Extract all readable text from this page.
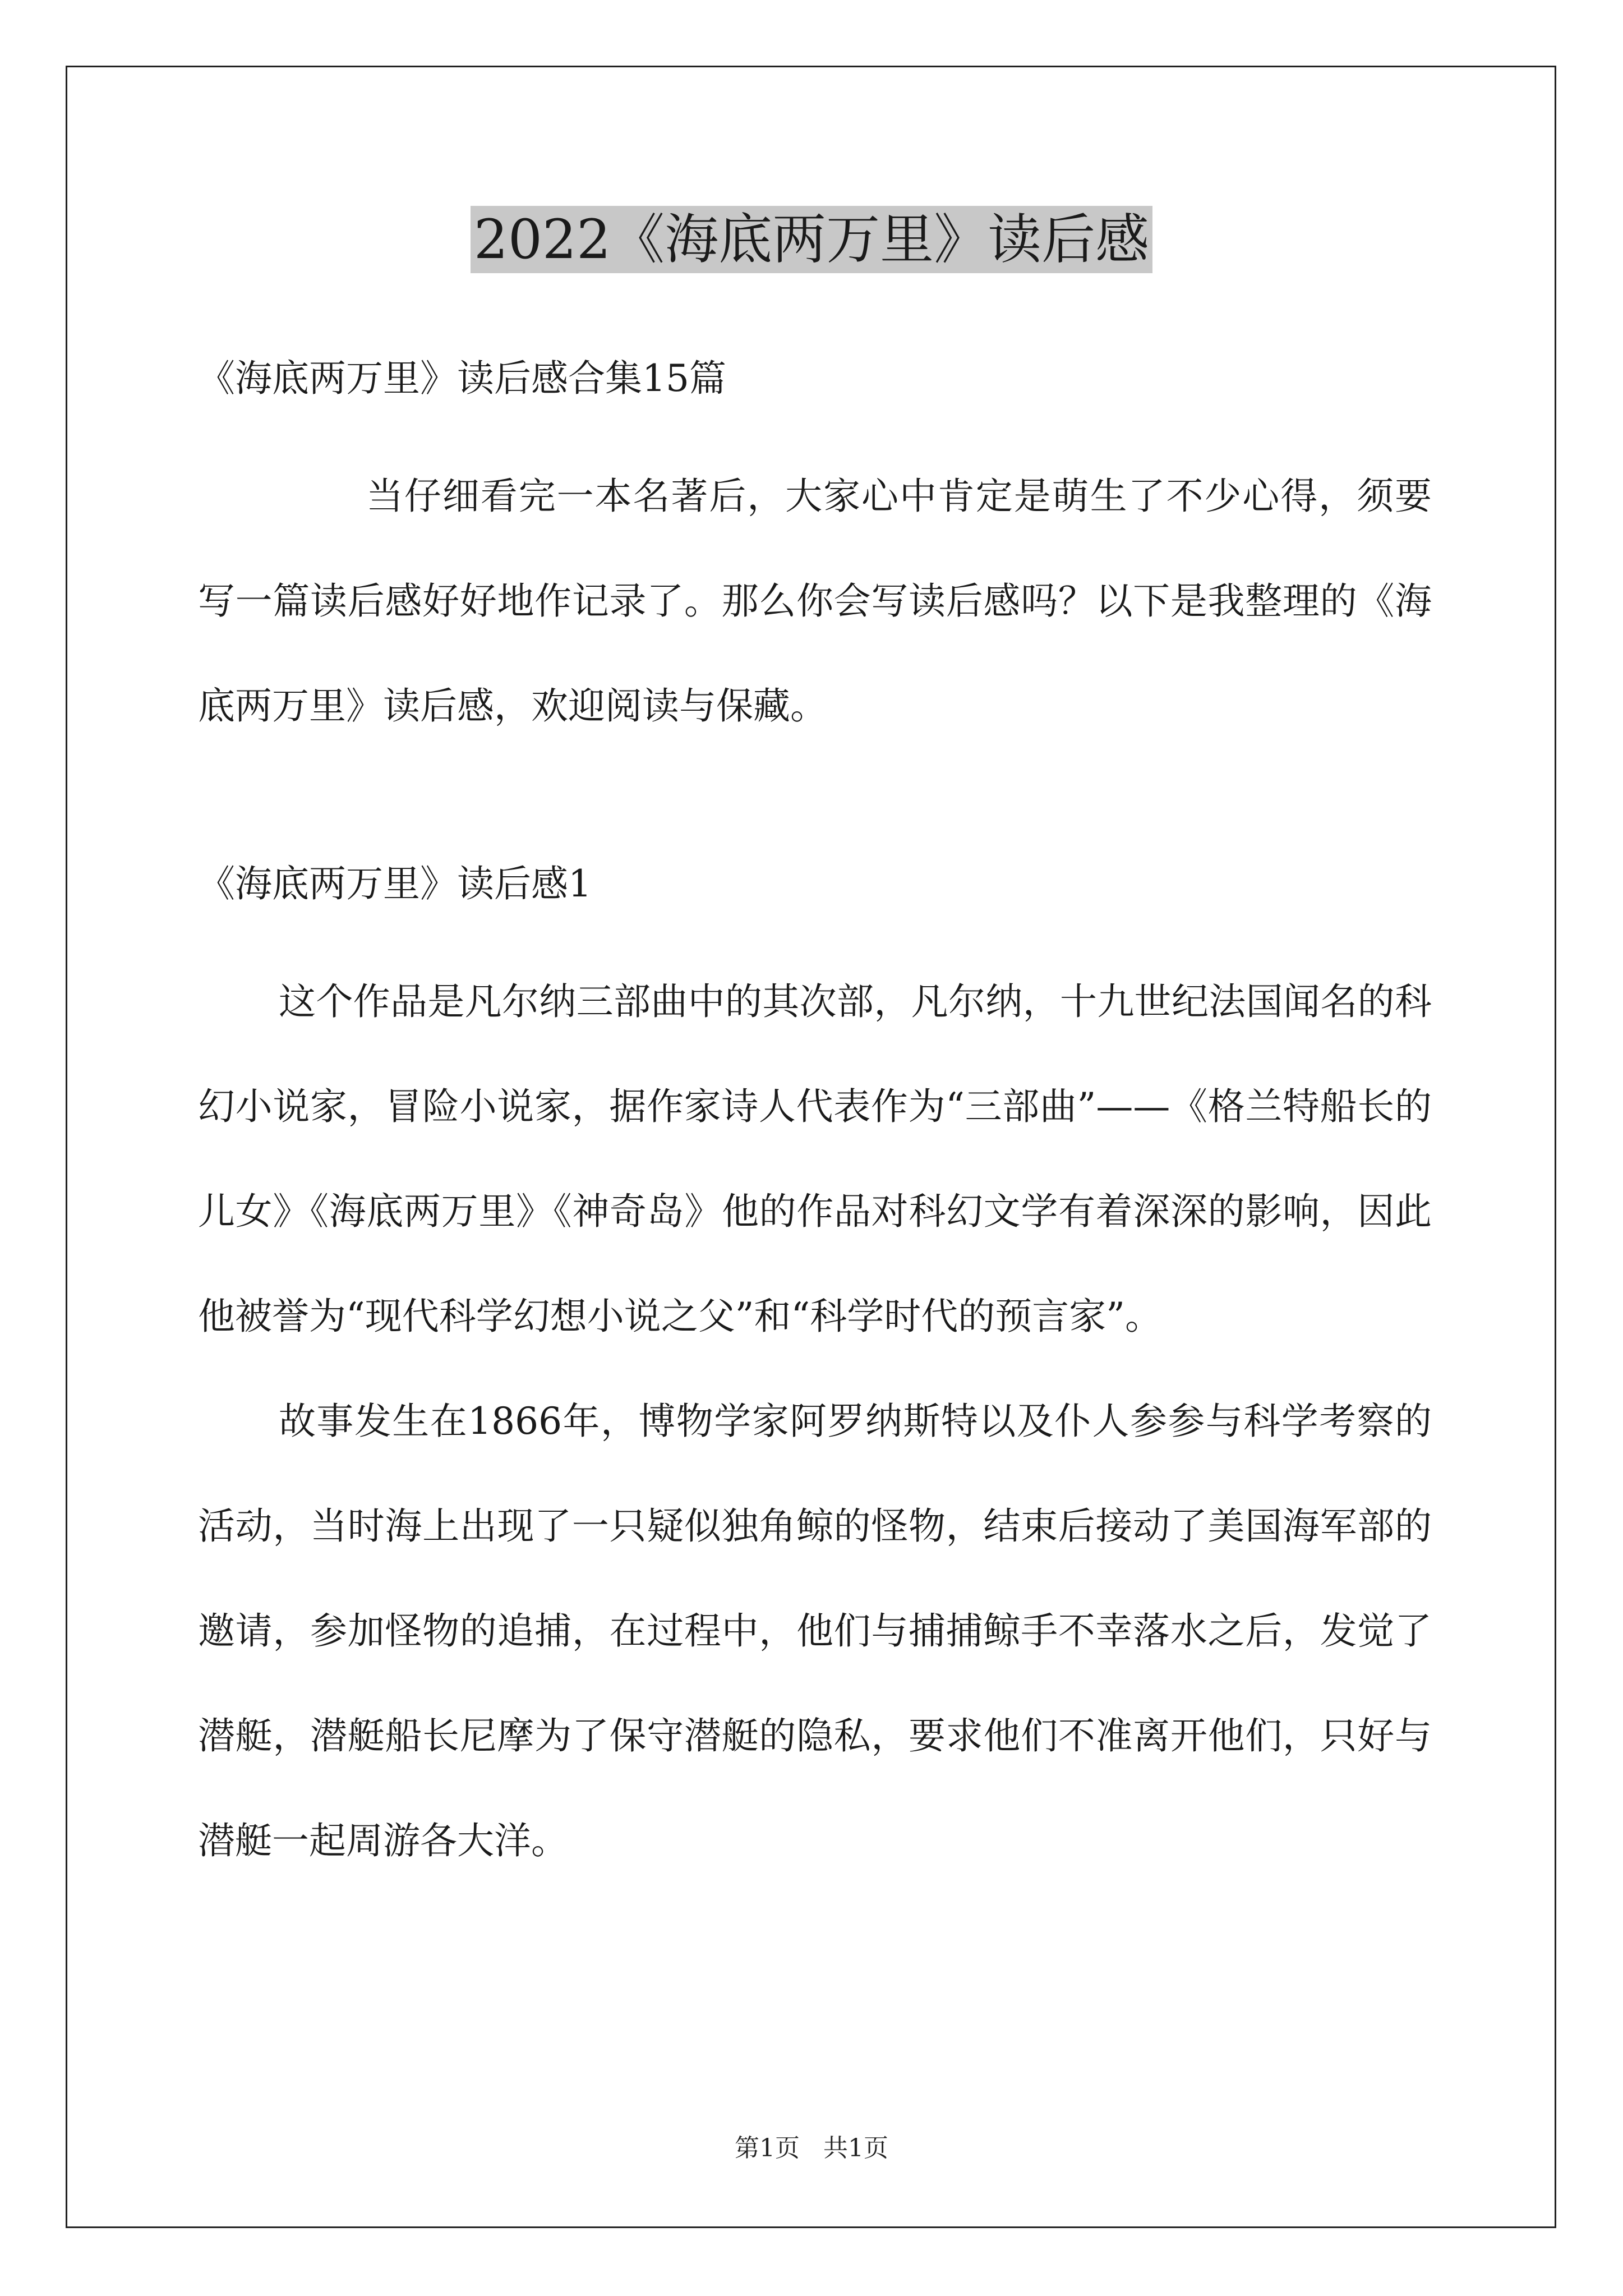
2022《海底两万里》读后感

《海底两万里》读后感合集15篇

当仔细看完一本名著后，大家心中肯定是萌生了不少心得，须要写一篇读后感好好地作记录了。那么你会写读后感吗？以下是我整理的《海底两万里》读后感，欢迎阅读与保藏。

《海底两万里》读后感1

这个作品是凡尔纳三部曲中的其次部，凡尔纳，十九世纪法国闻名的科幻小说家，冒险小说家，据作家诗人代表作为“三部曲”——《格兰特船长的儿女》《海底两万里》《神奇岛》他的作品对科幻文学有着深深的影响，因此他被誉为“现代科学幻想小说之父”和“科学时代的预言家”。

故事发生在1866年，博物学家阿罗纳斯特以及仆人参参与科学考察的活动，当时海上出现了一只疑似独角鲸的怪物，结束后接动了美国海军部的邀请，参加怪物的追捕，在过程中，他们与捕捕鲸手不幸落水之后，发觉了潜艇，潜艇船长尼摩为了保守潜艇的隐私，要求他们不准离开他们，只好与潜艇一起周游各大洋。

第1页   共1页
